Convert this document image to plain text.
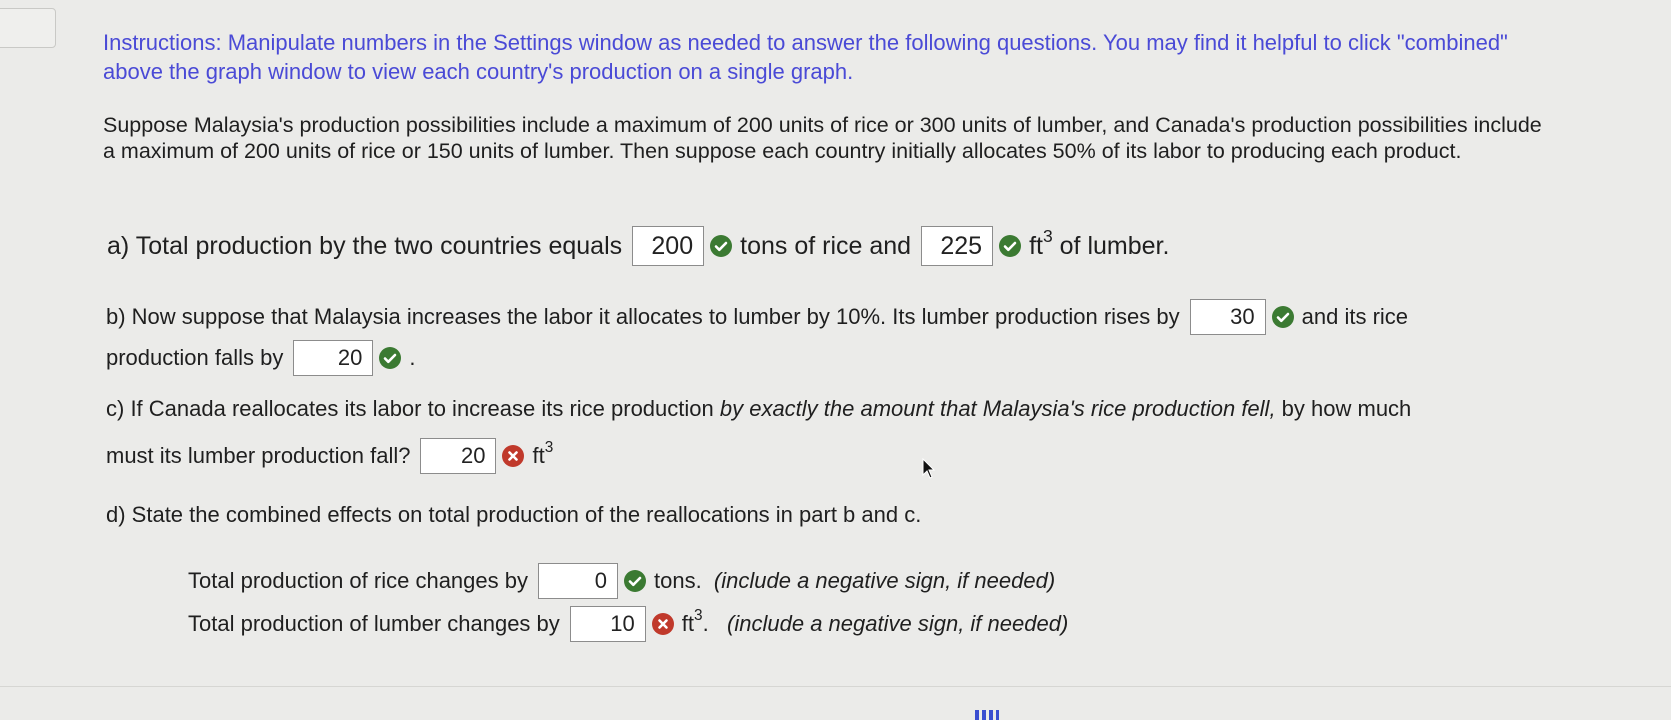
Instructions: Manipulate numbers in the Settings window as needed to answer the following questions. You may find it helpful to click "combined" above the graph window to view each country's production on a single graph.
Suppose Malaysia's production possibilities include a maximum of 200 units of rice or 300 units of lumber, and Canada's production possibilities include a maximum of 200 units of rice or 150 units of lumber. Then suppose each country initially allocates 50% of its labor to producing each product.
a) Total production by the two countries equals	200	tons of rice and	225	ft 3
of lumber.
b) Now suppose that Malaysia increases the labor it allocates to lumber by 10%. Its lumber production rises by	30	and its rice
production falls by	20	.
c) If Canada reallocates its labor to increase its rice production by exactly the amount that Malaysia's rice production fell, by how much
must its lumber production fall?	20	ft 3
d) State the combined effects on total production of the reallocations in part b and c.
Total production of rice changes by	0	tons.
(include a negative sign, if needed)
Total production of lumber changes by	10	ft 3 .
(include a negative sign, if needed)
